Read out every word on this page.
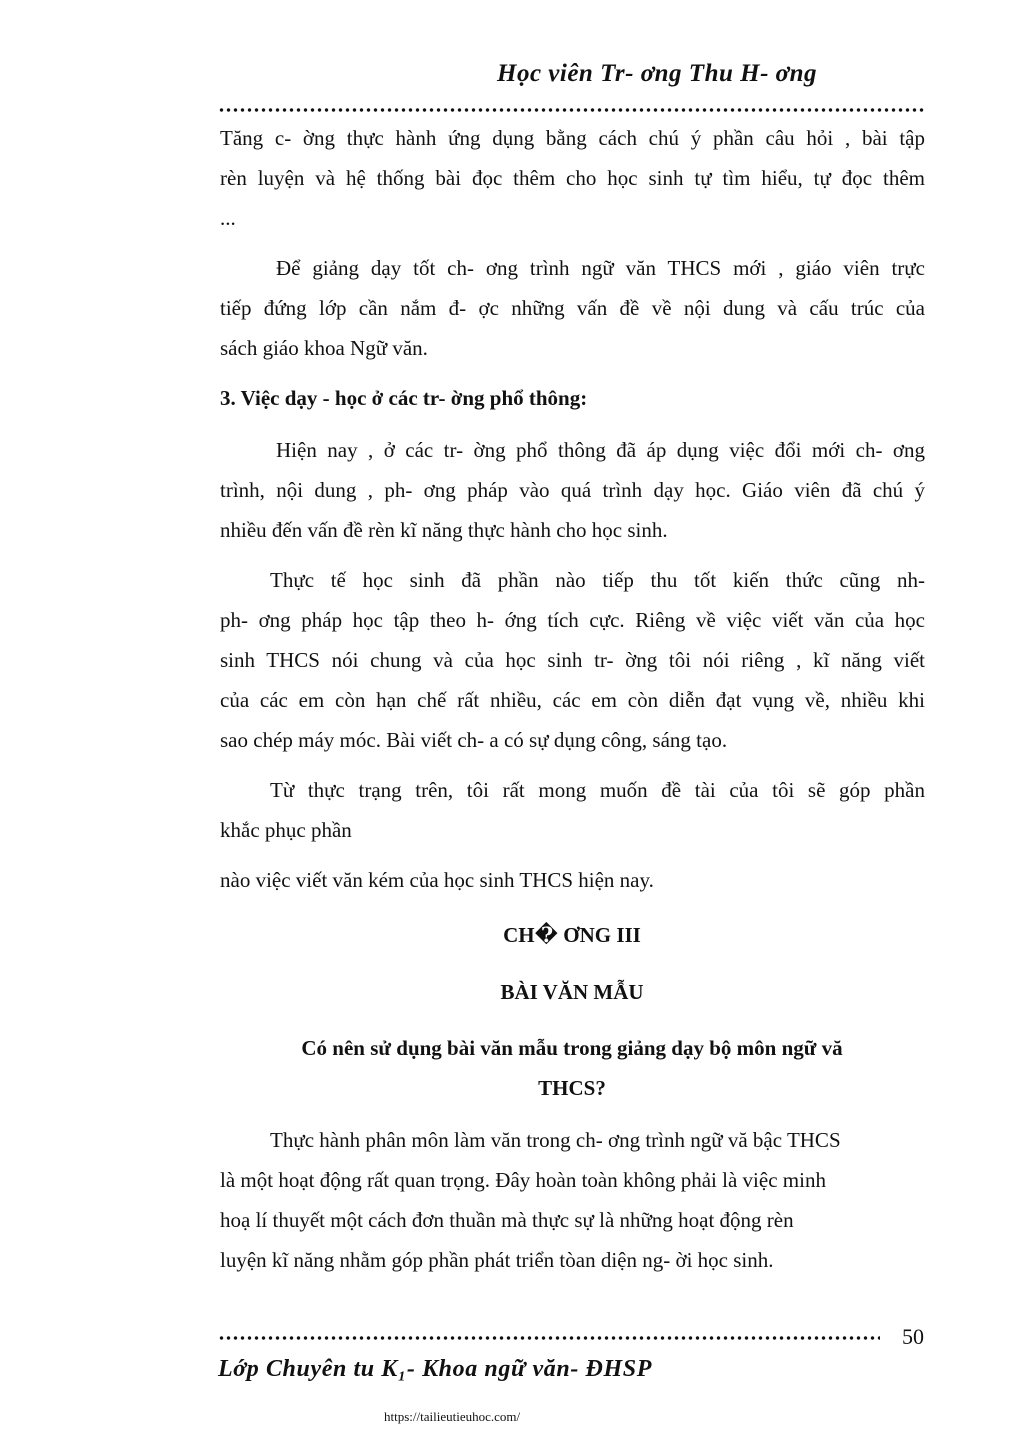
Học viên Tr- ơng Thu H- ơng
Tăng c- ờng thực hành ứng dụng bằng cách chú ý phần câu hỏi , bài tập
rèn luyện và hệ thống bài đọc thêm cho học sinh tự tìm hiểu, tự đọc thêm
...
Để giảng dạy tốt ch- ơng trình ngữ văn THCS mới , giáo viên trực
tiếp đứng lớp cần nắm đ- ợc những vấn đề về nội dung và cấu trúc của
sách giáo khoa Ngữ văn.
3. Việc dạy - học ở các tr- ờng phổ thông:
Hiện nay , ở các tr- ờng phổ thông đã áp dụng việc đổi mới ch- ơng
trình, nội dung , ph- ơng pháp vào quá trình dạy học. Giáo viên đã chú ý
nhiều đến vấn đề rèn kĩ năng thực hành cho học sinh.
Thực tế học sinh đã phần nào tiếp thu tốt kiến thức cũng nh-
ph- ơng pháp học tập theo h- ớng tích cực. Riêng về việc viết văn của học
sinh THCS nói chung và của học sinh tr- ờng tôi nói riêng , kĩ năng viết
của các em còn hạn chế rất nhiều, các em còn diễn đạt vụng về, nhiều khi
sao chép máy móc. Bài viết ch- a có sự dụng công, sáng tạo.
Từ thực trạng trên, tôi rất mong muốn đề tài của tôi sẽ góp phần
khắc phục phần
nào việc viết văn kém của học sinh THCS hiện nay.
CH� ƠNG III
BÀI VĂN MẪU
Có nên sử dụng bài văn mẫu trong giảng dạy bộ môn ngữ vă
THCS?
Thực hành phân môn làm văn trong ch- ơng trình ngữ vă bậc THCS
là một hoạt động rất quan trọng. Đây hoàn toàn không phải là việc minh
hoạ lí thuyết một cách đơn thuần mà thực sự là những hoạt động rèn
luyện kĩ năng nhằm góp phần phát triển tòan diện ng- ời học sinh.
50
Lớp Chuyên tu K₁- Khoa ngữ văn- ĐHSP
https://tailieutieuhoc.com/
